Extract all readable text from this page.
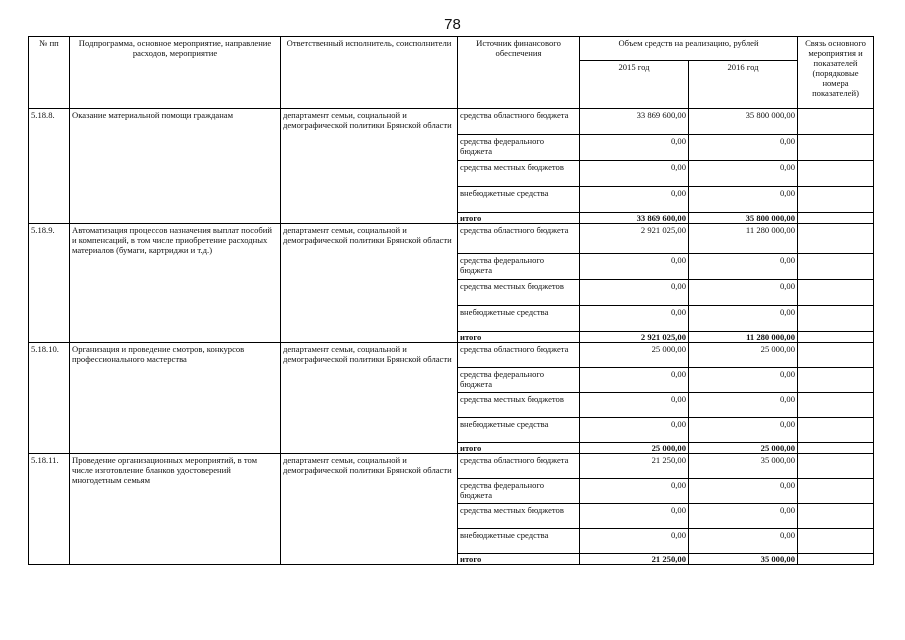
78
№ пп	Подпрограмма, основное мероприятие, направление расходов, мероприятие	Ответственный исполнитель, соисполнители	Источник финансового обеспечения	Объем средств на реализацию, рублей		Связь основного мероприятия и показателей (порядковые номера показателей)
				2015 год	2016 год	
5.18.8.	Оказание материальной помощи гражданам	департамент семьи, социальной и демографической политики Брянской области	средства областного бюджета	33 869 600,00	35 800 000,00	
			средства федерального бюджета	0,00	0,00	
			средства местных бюджетов	0,00	0,00	
			внебюджетные средства	0,00	0,00	
			итого	33 869 600,00	35 800 000,00	
5.18.9.	Автоматизация процессов назначения выплат пособий и компенсаций, в том числе приобретение расходных материалов (бумаги, картриджи и т.д.)	департамент семьи, социальной и демографической политики Брянской области	средства областного бюджета	2 921 025,00	11 280 000,00	
			средства федерального бюджета	0,00	0,00	
			средства местных бюджетов	0,00	0,00	
			внебюджетные средства	0,00	0,00	
			итого	2 921 025,00	11 280 000,00	
5.18.10.	Организация и проведение смотров, конкурсов профессионального мастерства	департамент семьи, социальной и демографической политики Брянской области	средства областного бюджета	25 000,00	25 000,00	
			средства федерального бюджета	0,00	0,00	
			средства местных бюджетов	0,00	0,00	
			внебюджетные средства	0,00	0,00	
			итого	25 000,00	25 000,00	
5.18.11.	Проведение организационных мероприятий, в том числе изготовление бланков удостоверений многодетным семьям	департамент семьи, социальной и демографической политики Брянской области	средства областного бюджета	21 250,00	35 000,00	
			средства федерального бюджета	0,00	0,00	
			средства местных бюджетов	0,00	0,00	
			внебюджетные средства	0,00	0,00	
			итого	21 250,00	35 000,00	
